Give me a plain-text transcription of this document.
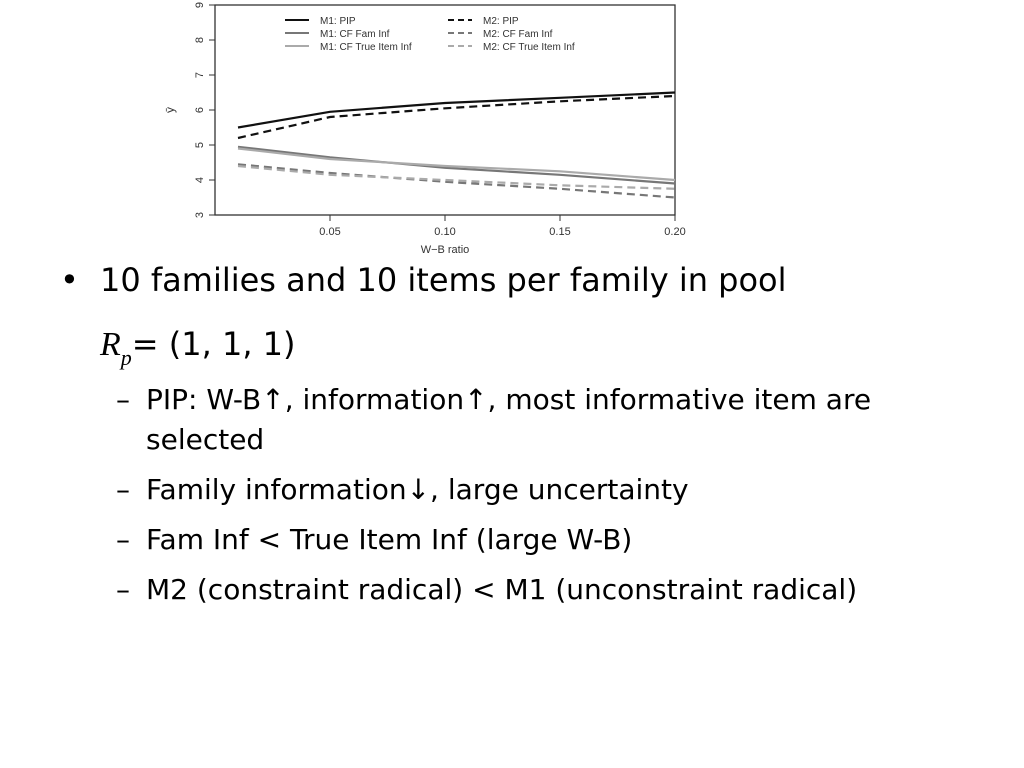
0.05	0.10	0.15	0.20
3
4
5
6
7
8
9
M1: PIP
M1: CF Fam Inf
M1: CF True Item Inf
M2: PIP
M2: CF Fam Inf
M2: CF True Item Inf
W−B ratio
ȳ
• 10 families and 10 items per family in pool
$R_p= (1$, 1, 1)
– PIP: W-B↑, information↑, most informative item are selected
– Family information↓, large uncertainty
– Fam Inf < True Item Inf (large W-B)
– M2 (constraint radical) < M1 (unconstraint radical)
